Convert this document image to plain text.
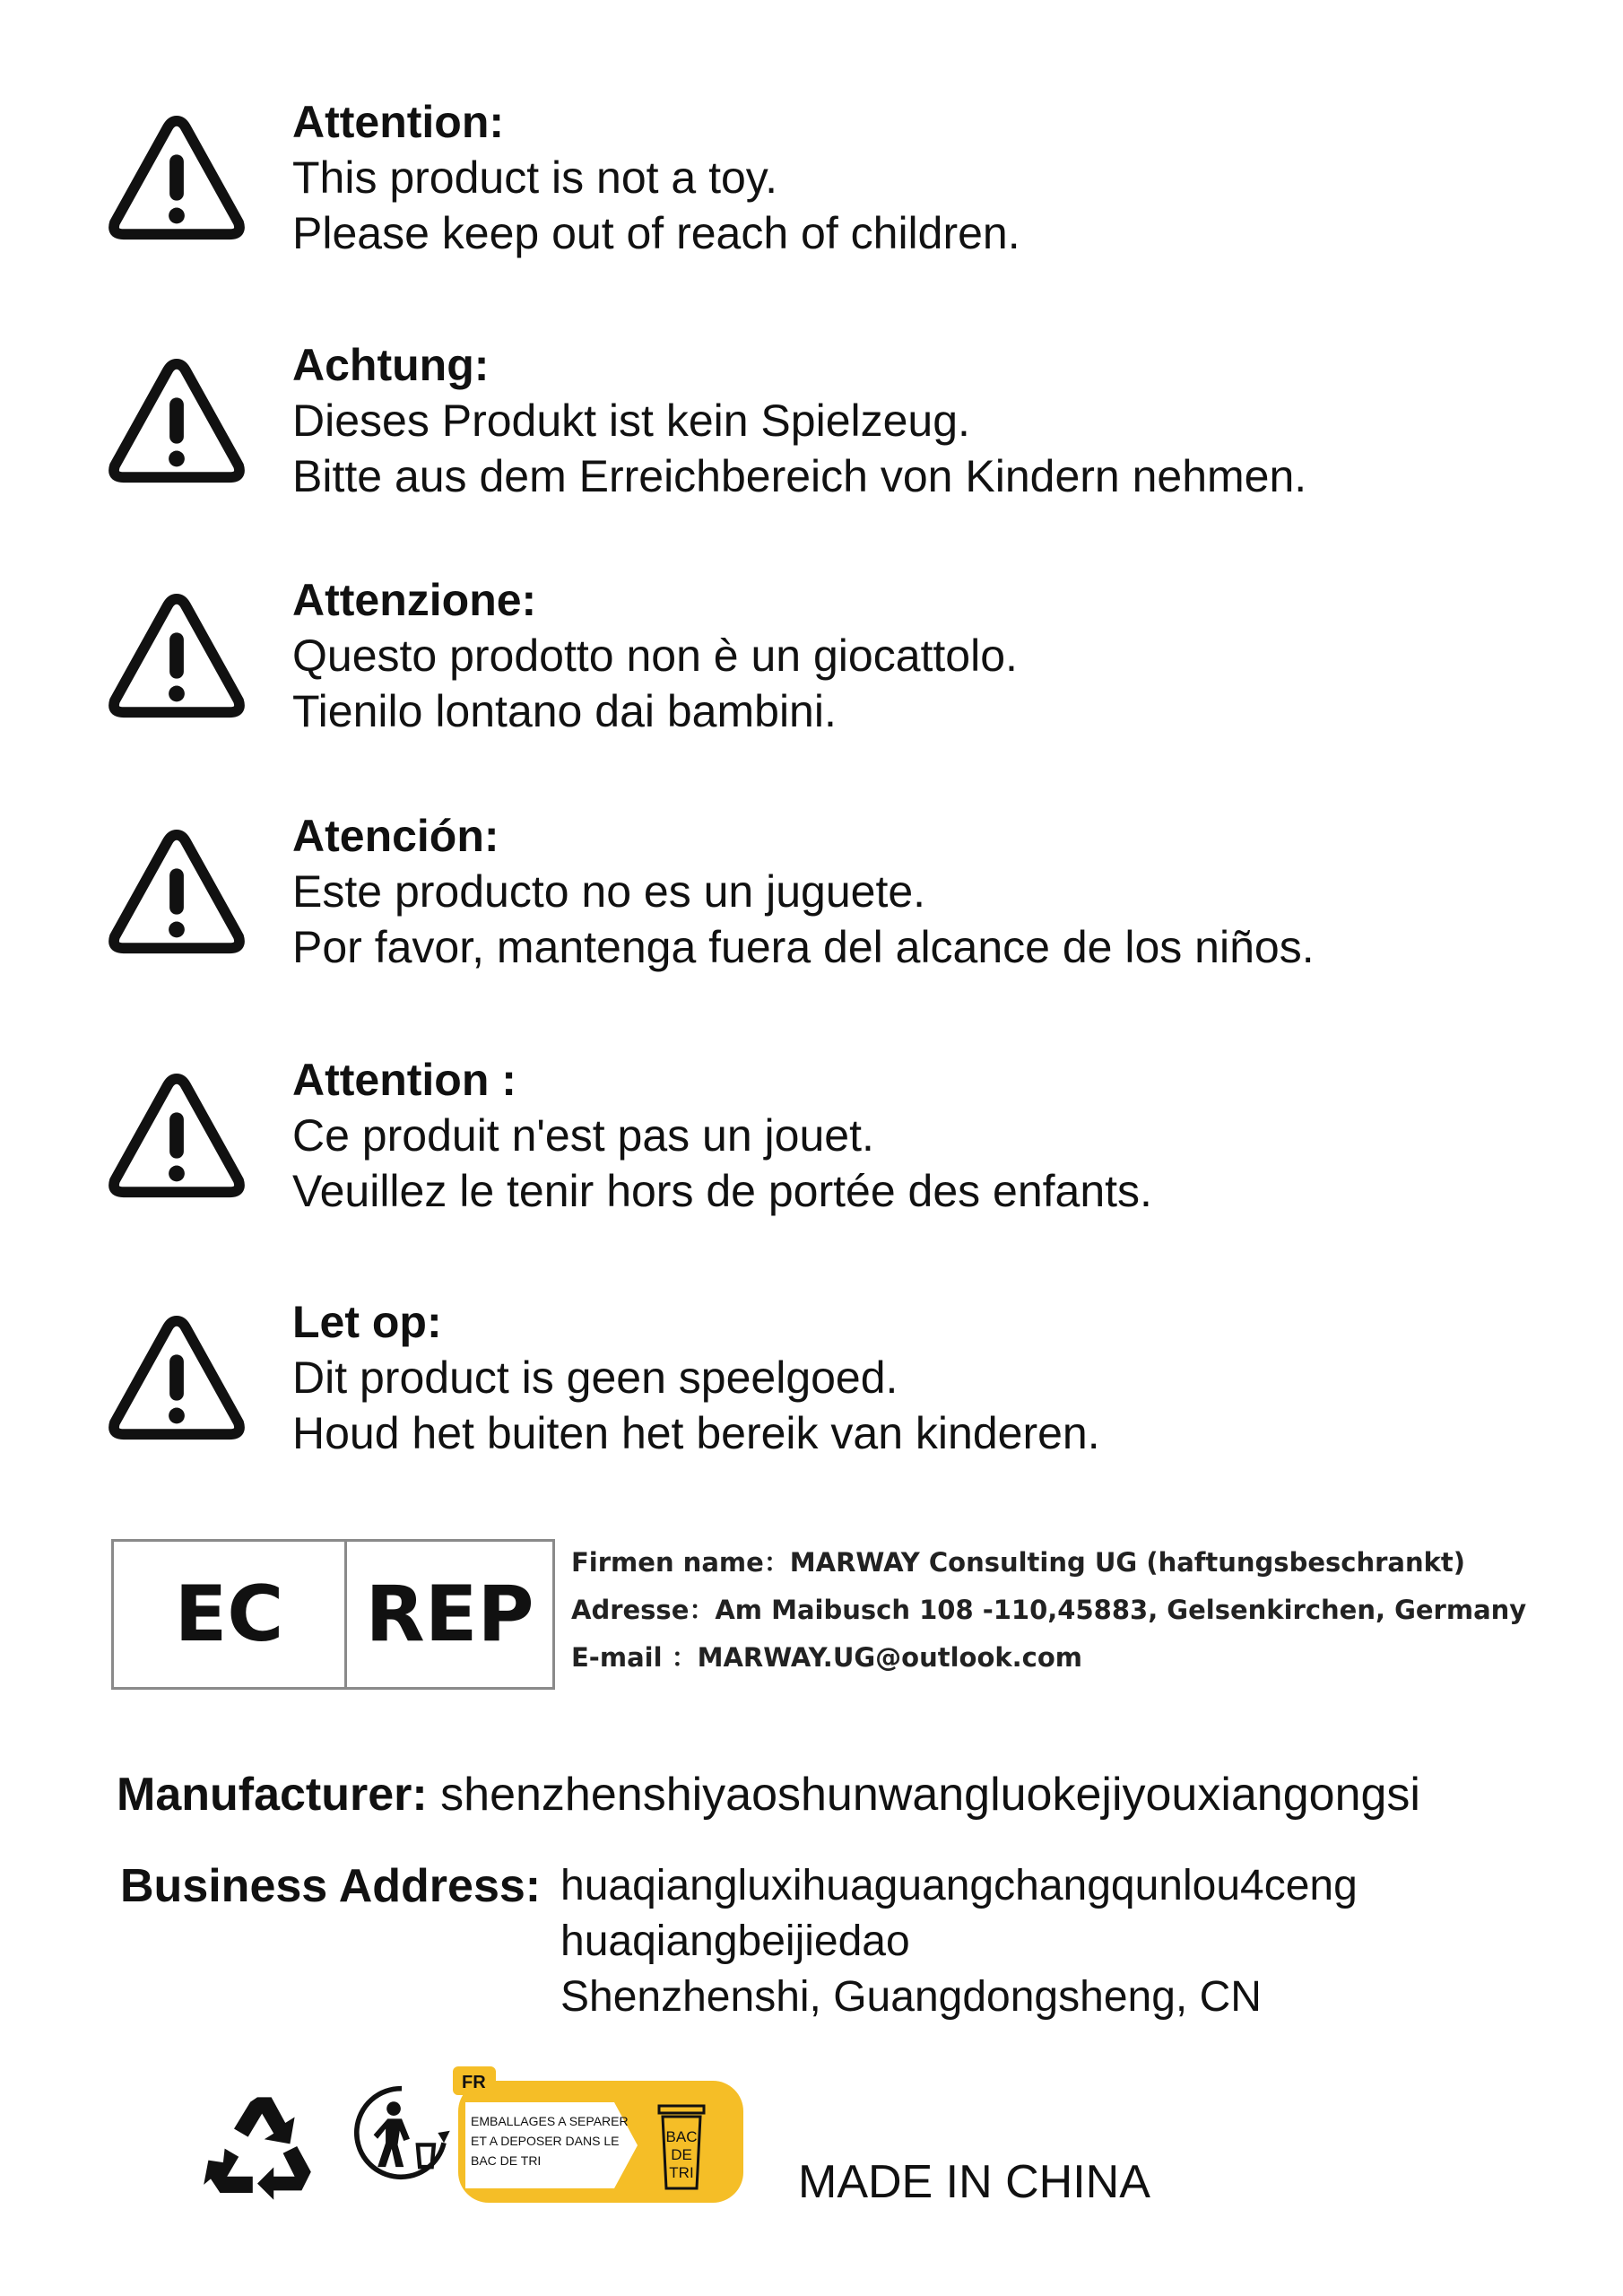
Attention:
This product is not a toy.
Please keep out of reach of children.
Achtung:
Dieses Produkt ist kein Spielzeug.
Bitte aus dem Erreichbereich von Kindern nehmen.
Attenzione:
Questo prodotto non è un giocattolo.
Tienilo lontano dai bambini.
Atención:
Este producto no es un juguete.
Por favor, mantenga fuera del alcance de los niños.
Attention :
Ce produit n'est pas un jouet.
Veuillez le tenir hors de portée des enfants.
Let op:
Dit product is geen speelgoed.
Houd het buiten het bereik van kinderen.
EC	REP
Firmen name：MARWAY Consulting UG (haftungsbeschrankt)
Adresse：Am Maibusch 108 -110,45883, Gelsenkirchen, Germany
E-mail ：MARWAY.UG@outlook.com
Manufacturer: shenzhenshiyaoshunwangluokejiyouxiangongsi
Business Address: huaqiangluxihuaguangchangqunlou4ceng
huaqiangbeijiedao
Shenzhenshi, Guangdongsheng, CN
FR
EMBALLAGES A SEPARER
ET A DEPOSER DANS LE
BAC DE TRI
BAC
DE
TRI MADE IN CHINA
